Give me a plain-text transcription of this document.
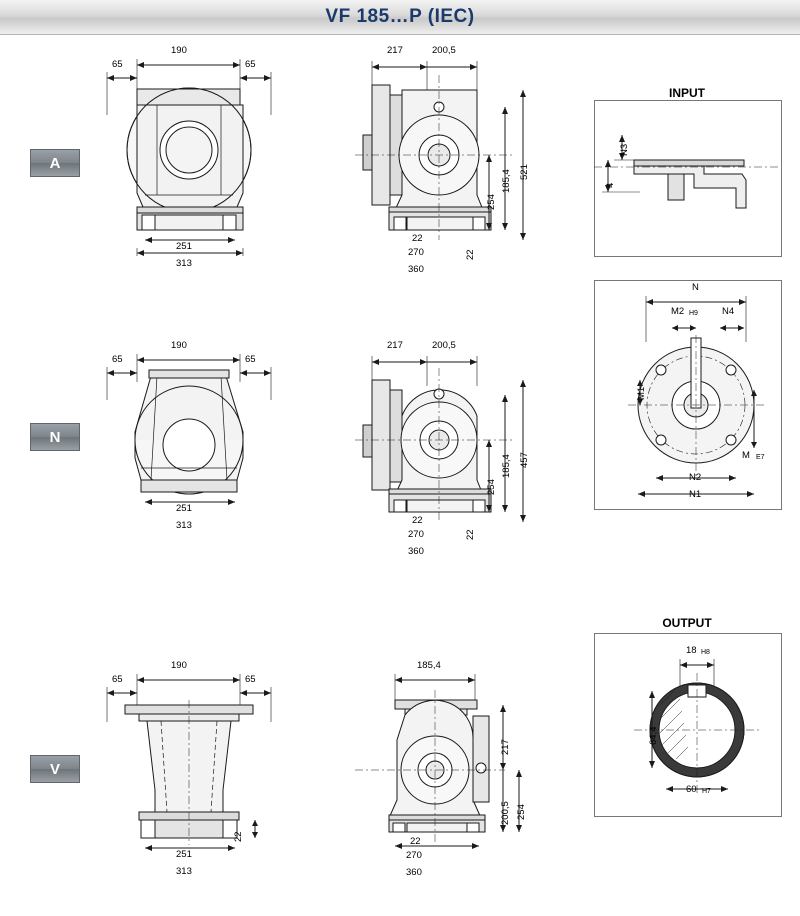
VF 185…P (IEC)
A
N
V
190
65	65
251
313
217	200,5
185,4 521
254
22
22
270
360
190
65	65
251
313
217	200,5
185,4 457
254
22
22
270
360
190
65	65
251
313
22
185,4
217
200,5 254
22
270
360
INPUT
N3
4
N
M2 H9	N4
M1
M E7
N2
N1
OUTPUT
18 H8
64,4
60 H7
